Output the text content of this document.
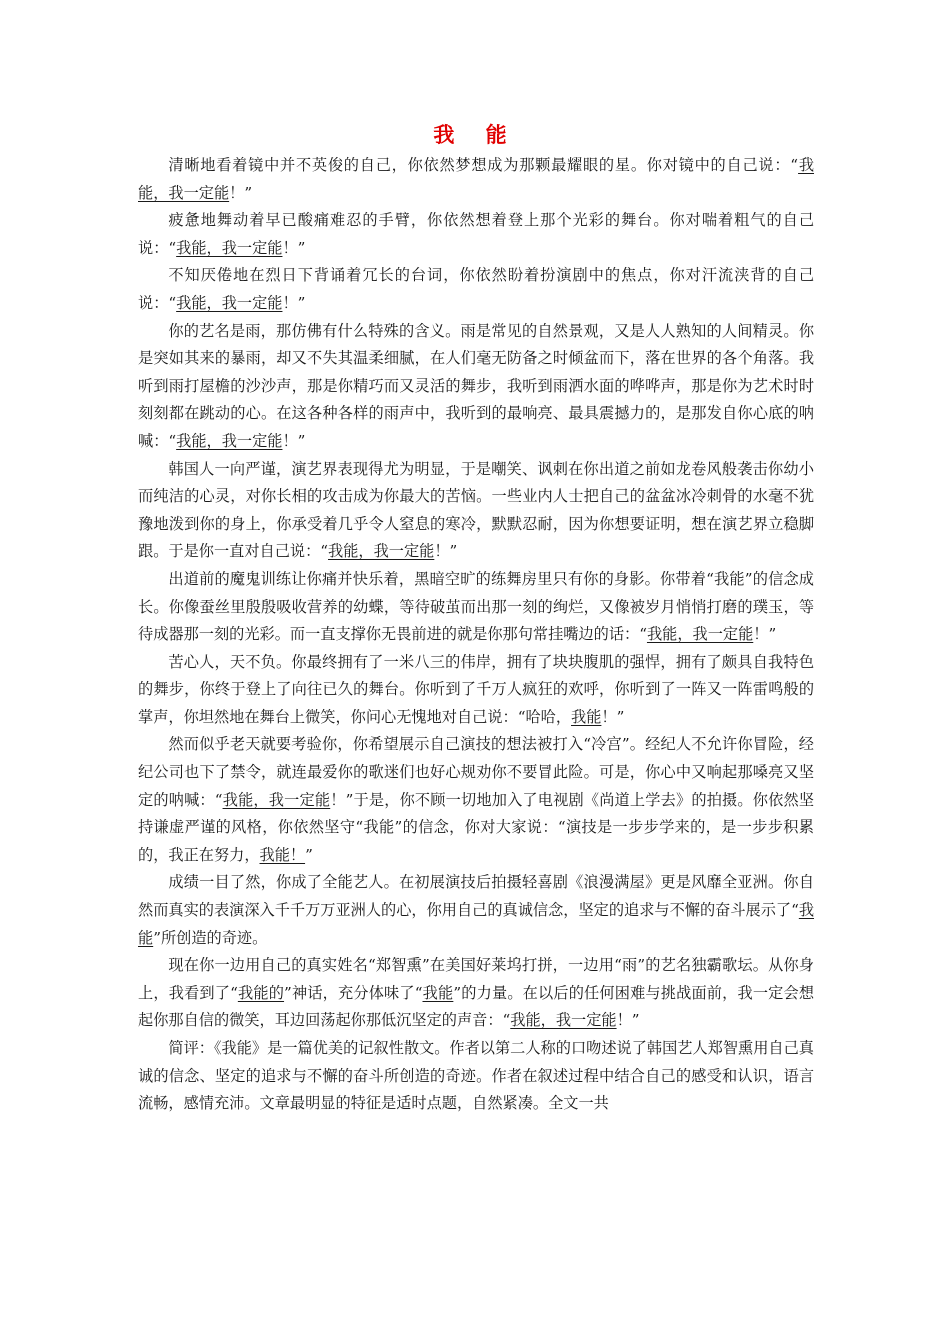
我 能

清晰地看着镜中并不英俊的自己，你依然梦想成为那颗最耀眼的星。你对镜中的自己说：“我能，我一定能！”

疲惫地舞动着早已酸痛难忍的手臂，你依然想着登上那个光彩的舞台。你对喘着粗气的自己说：“我能，我一定能！”

不知厌倦地在烈日下背诵着冗长的台词，你依然盼着扮演剧中的焦点，你对汗流浃背的自己说：“我能，我一定能！”

你的艺名是雨，那仿佛有什么特殊的含义。雨是常见的自然景观，又是人人熟知的人间精灵。你是突如其来的暴雨，却又不失其温柔细腻，在人们毫无防备之时倾盆而下，落在世界的各个角落。我听到雨打屋檐的沙沙声，那是你精巧而又灵活的舞步，我听到雨洒水面的哗哗声，那是你为艺术时时刻刻都在跳动的心。在这各种各样的雨声中，我听到的最响亮、最具震撼力的，是那发自你心底的呐喊：“我能，我一定能！”

韩国人一向严谨，演艺界表现得尤为明显，于是嘲笑、讽刺在你出道之前如龙卷风般袭击你幼小而纯洁的心灵，对你长相的攻击成为你最大的苦恼。一些业内人士把自己的盆盆冰冷刺骨的水毫不犹豫地泼到你的身上，你承受着几乎令人窒息的寒冷，默默忍耐，因为你想要证明，想在演艺界立稳脚跟。于是你一直对自己说：“我能，我一定能！”

出道前的魔鬼训练让你痛并快乐着，黑暗空旷的练舞房里只有你的身影。你带着“我能”的信念成长。你像蚕丝里殷殷吸收营养的幼蝶，等待破茧而出那一刻的绚烂，又像被岁月悄悄打磨的璞玉，等待成器那一刻的光彩。而一直支撑你无畏前进的就是你那句常挂嘴边的话：“我能，我一定能！”

苦心人，天不负。你最终拥有了一米八三的伟岸，拥有了块块腹肌的强悍，拥有了颇具自我特色的舞步，你终于登上了向往已久的舞台。你听到了千万人疯狂的欢呼，你听到了一阵又一阵雷鸣般的掌声，你坦然地在舞台上微笑，你问心无愧地对自己说：“哈哈，我能！”

然而似乎老天就要考验你，你希望展示自己演技的想法被打入“冷宫”。经纪人不允许你冒险，经纪公司也下了禁令，就连最爱你的歌迷们也好心规劝你不要冒此险。可是，你心中又响起那嗓亮又坚定的呐喊：“我能，我一定能！”于是，你不顾一切地加入了电视剧《尚道上学去》的拍摄。你依然坚持谦虚严谨的风格，你依然坚守“我能”的信念，你对大家说：“演技是一步步学来的，是一步步积累的，我正在努力，我能！”

成绩一目了然，你成了全能艺人。在初展演技后拍摄轻喜剧《浪漫满屋》更是风靡全亚洲。你自然而真实的表演深入千千万万亚洲人的心，你用自己的真诚信念，坚定的追求与不懈的奋斗展示了“我能”所创造的奇迹。

现在你一边用自己的真实姓名“郑智熏”在美国好莱坞打拼，一边用“雨”的艺名独霸歌坛。从你身上，我看到了“我能的”神话，充分体味了“我能”的力量。在以后的任何困难与挑战面前，我一定会想起你那自信的微笑，耳边回荡起你那低沉坚定的声音：“我能，我一定能！”

简评：《我能》是一篇优美的记叙性散文。作者以第二人称的口吻述说了韩国艺人郑智熏用自己真诚的信念、坚定的追求与不懈的奋斗所创造的奇迹。作者在叙述过程中结合自己的感受和认识，语言流畅，感情充沛。文章最明显的特征是适时点题，自然紧凑。全文一共
